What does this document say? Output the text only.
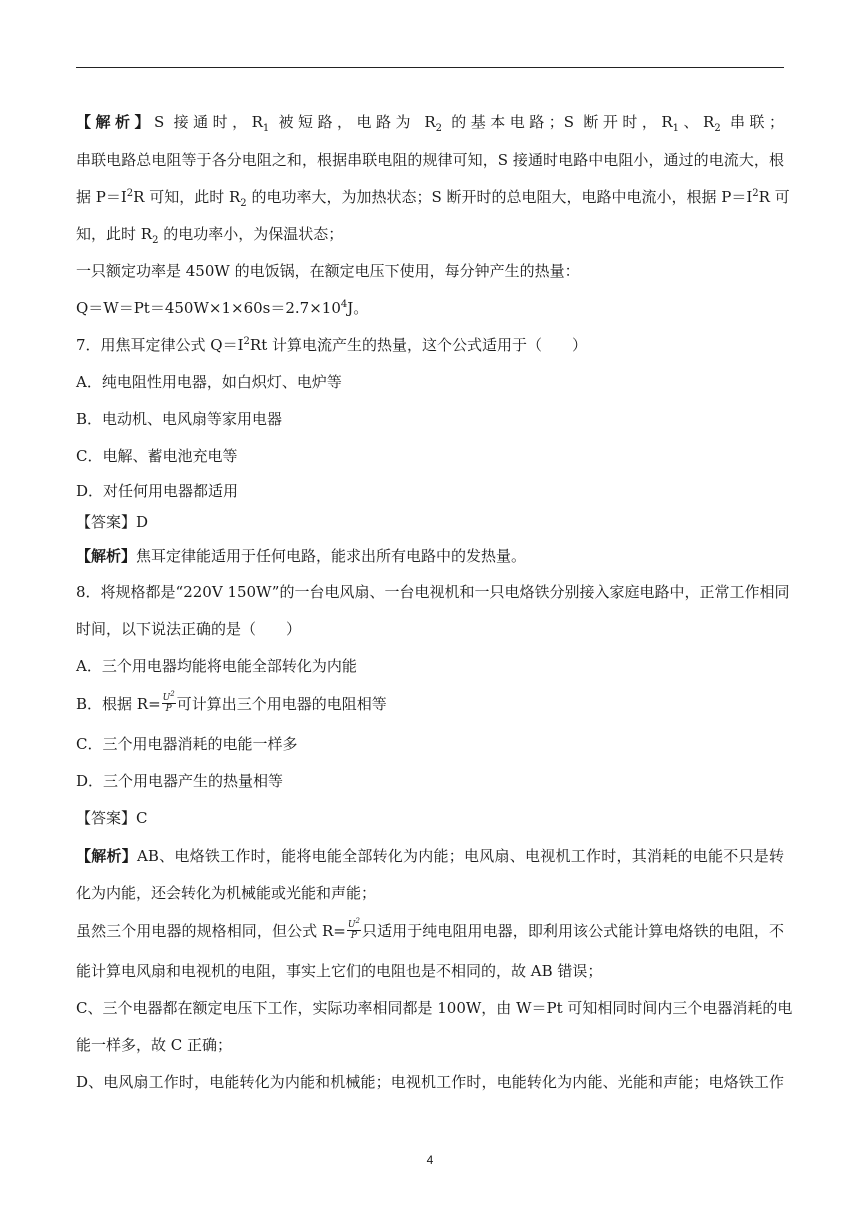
【解析】S 接通时，$R_1$ 被短路，电路为 $R_2$ 的基本电路；S 断开时，$R_1$、$R_2$ 串联；
串联电路总电阻等于各分电阻之和，根据串联电阻的规律可知，S 接通时电路中电阻小，通过的电流大，根
据 $P=I^2R$ 可知，此时 $R_2$ 的电功率大，为加热状态；S 断开时的总电阻大，电路中电流小，根据 $P=I^2R$ 可
知，此时 $R_2$ 的电功率小，为保温状态；
一只额定功率是 450W 的电饭锅，在额定电压下使用，每分钟产生的热量：
$Q=W=Pt=450W\times 1\times 60s=2.7\times 10^4J$。
7．用焦耳定律公式 $Q=I^2Rt$ 计算电流产生的热量，这个公式适用于（　　）
A．纯电阻性用电器，如白炽灯、电炉等
B．电动机、电风扇等家用电器
C．电解、蓄电池充电等
D．对任何用电器都适用
【答案】D
【解析】焦耳定律能适用于任何电路，能求出所有电路中的发热量。
8．将规格都是“220V 150W”的一台电风扇、一台电视机和一只电烙铁分别接入家庭电路中，正常工作相同
时间，以下说法正确的是（　　）
A．三个用电器均能将电能全部转化为内能
B．根据 $R= \frac{U^2}{P}$ 可计算出三个用电器的电阻相等
C．三个用电器消耗的电能一样多
D．三个用电器产生的热量相等
【答案】C
【解析】AB、电烙铁工作时，能将电能全部转化为内能；电风扇、电视机工作时，其消耗的电能不只是转
化为内能，还会转化为机械能或光能和声能；
虽然三个用电器的规格相同，但公式 $R= \frac{U^2}{P}$ 只适用于纯电阻用电器，即利用该公式能计算电烙铁的电阻，不
能计算电风扇和电视机的电阻，事实上它们的电阻也是不相同的，故 AB 错误；
C、三个电器都在额定电压下工作，实际功率相同都是 100W，由 W＝Pt 可知相同时间内三个电器消耗的电
能一样多，故 C 正确；
D、电风扇工作时，电能转化为内能和机械能；电视机工作时，电能转化为内能、光能和声能；电烙铁工作
4
